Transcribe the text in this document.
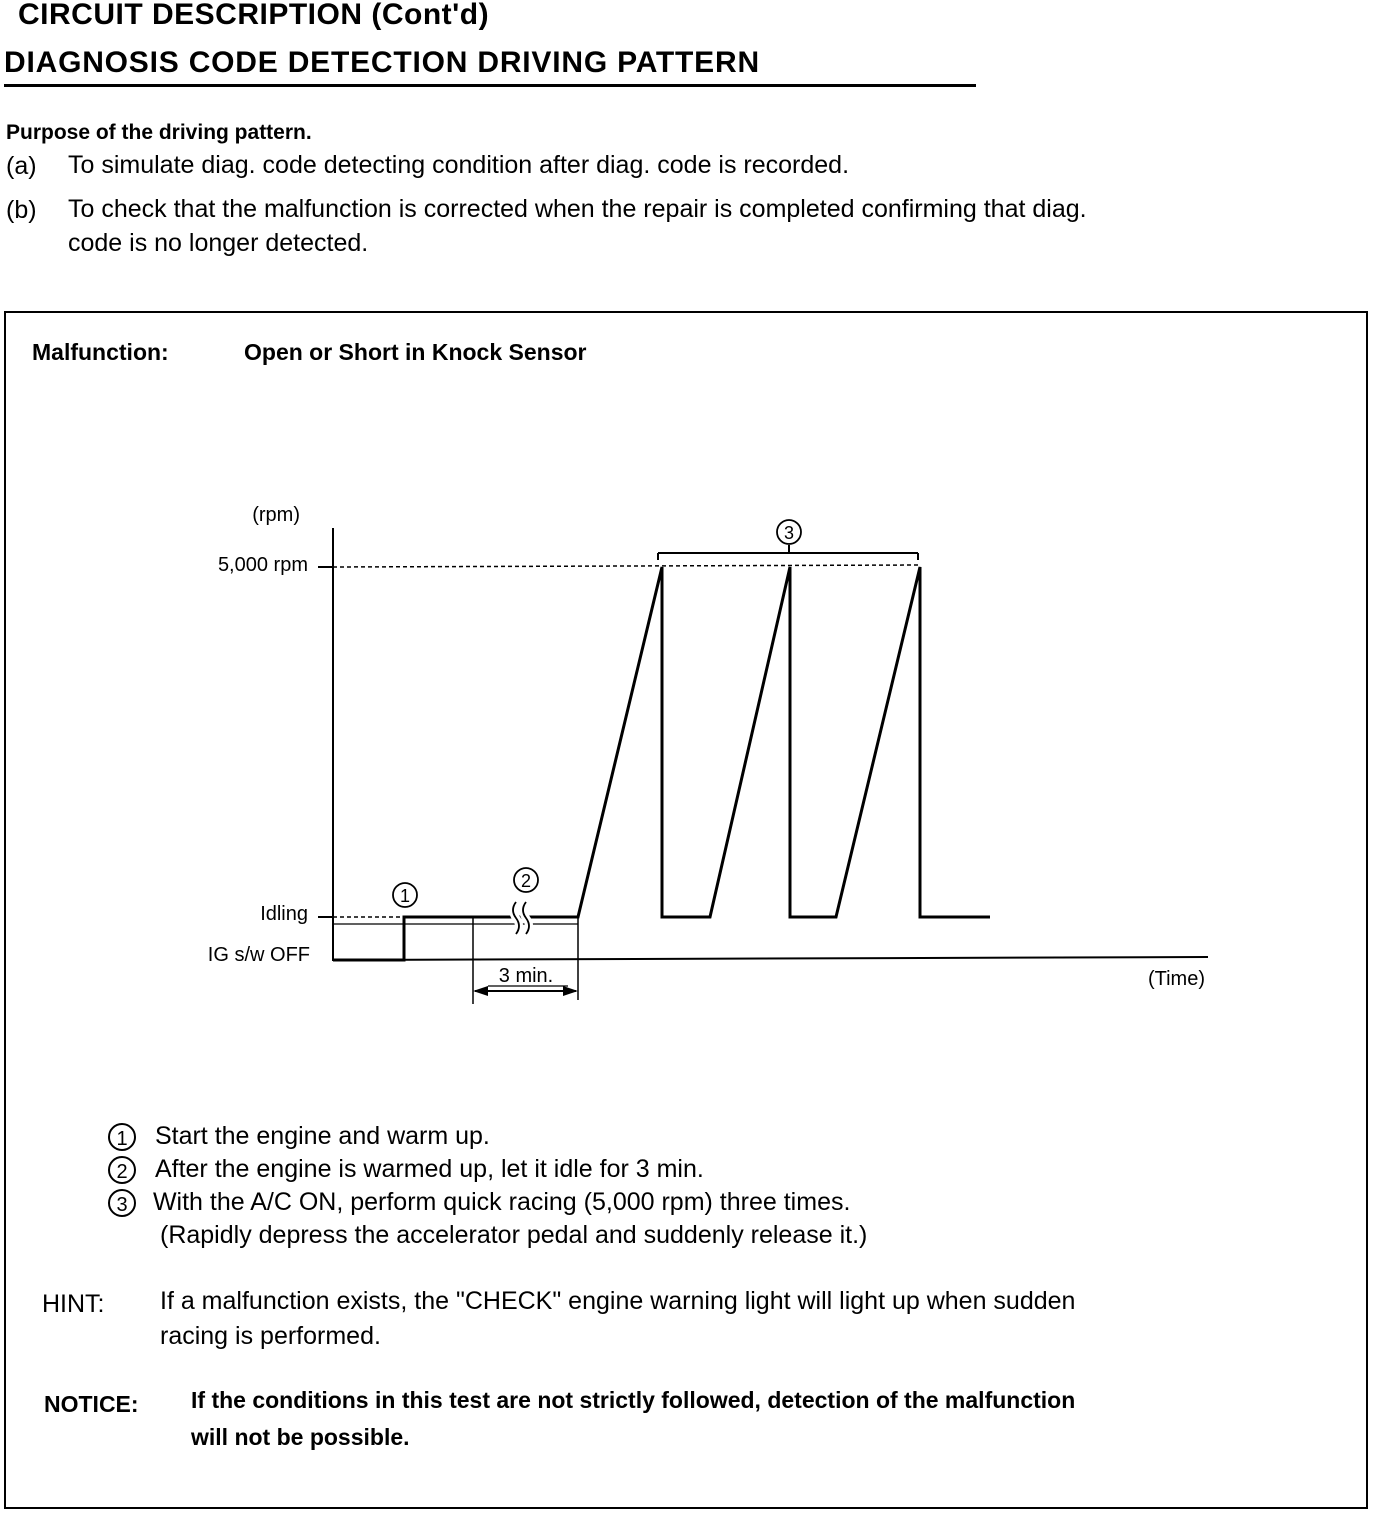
CIRCUIT DESCRIPTION (Cont'd)
DIAGNOSIS CODE DETECTION DRIVING PATTERN
Purpose of the driving pattern.
(a) To simulate diag. code detecting condition after diag. code is recorded.
(b) To check that the malfunction is corrected when the repair is completed confirming that diag.
code is no longer detected.
Malfunction:	Open or Short in Knock Sensor
3 min.
1
2
3
(rpm)
5,000 rpm
Idling
IG s/w OFF
(Time)
1 Start the engine and warm up.
2 After the engine is warmed up, let it idle for 3 min.
3 With the A/C ON, perform quick racing (5,000 rpm) three times.
(Rapidly depress the accelerator pedal and suddenly release it.)
HINT: If a malfunction exists, the "CHECK" engine warning light will light up when sudden
racing is performed.
NOTICE: If the conditions in this test are not strictly followed, detection of the malfunction
will not be possible.
